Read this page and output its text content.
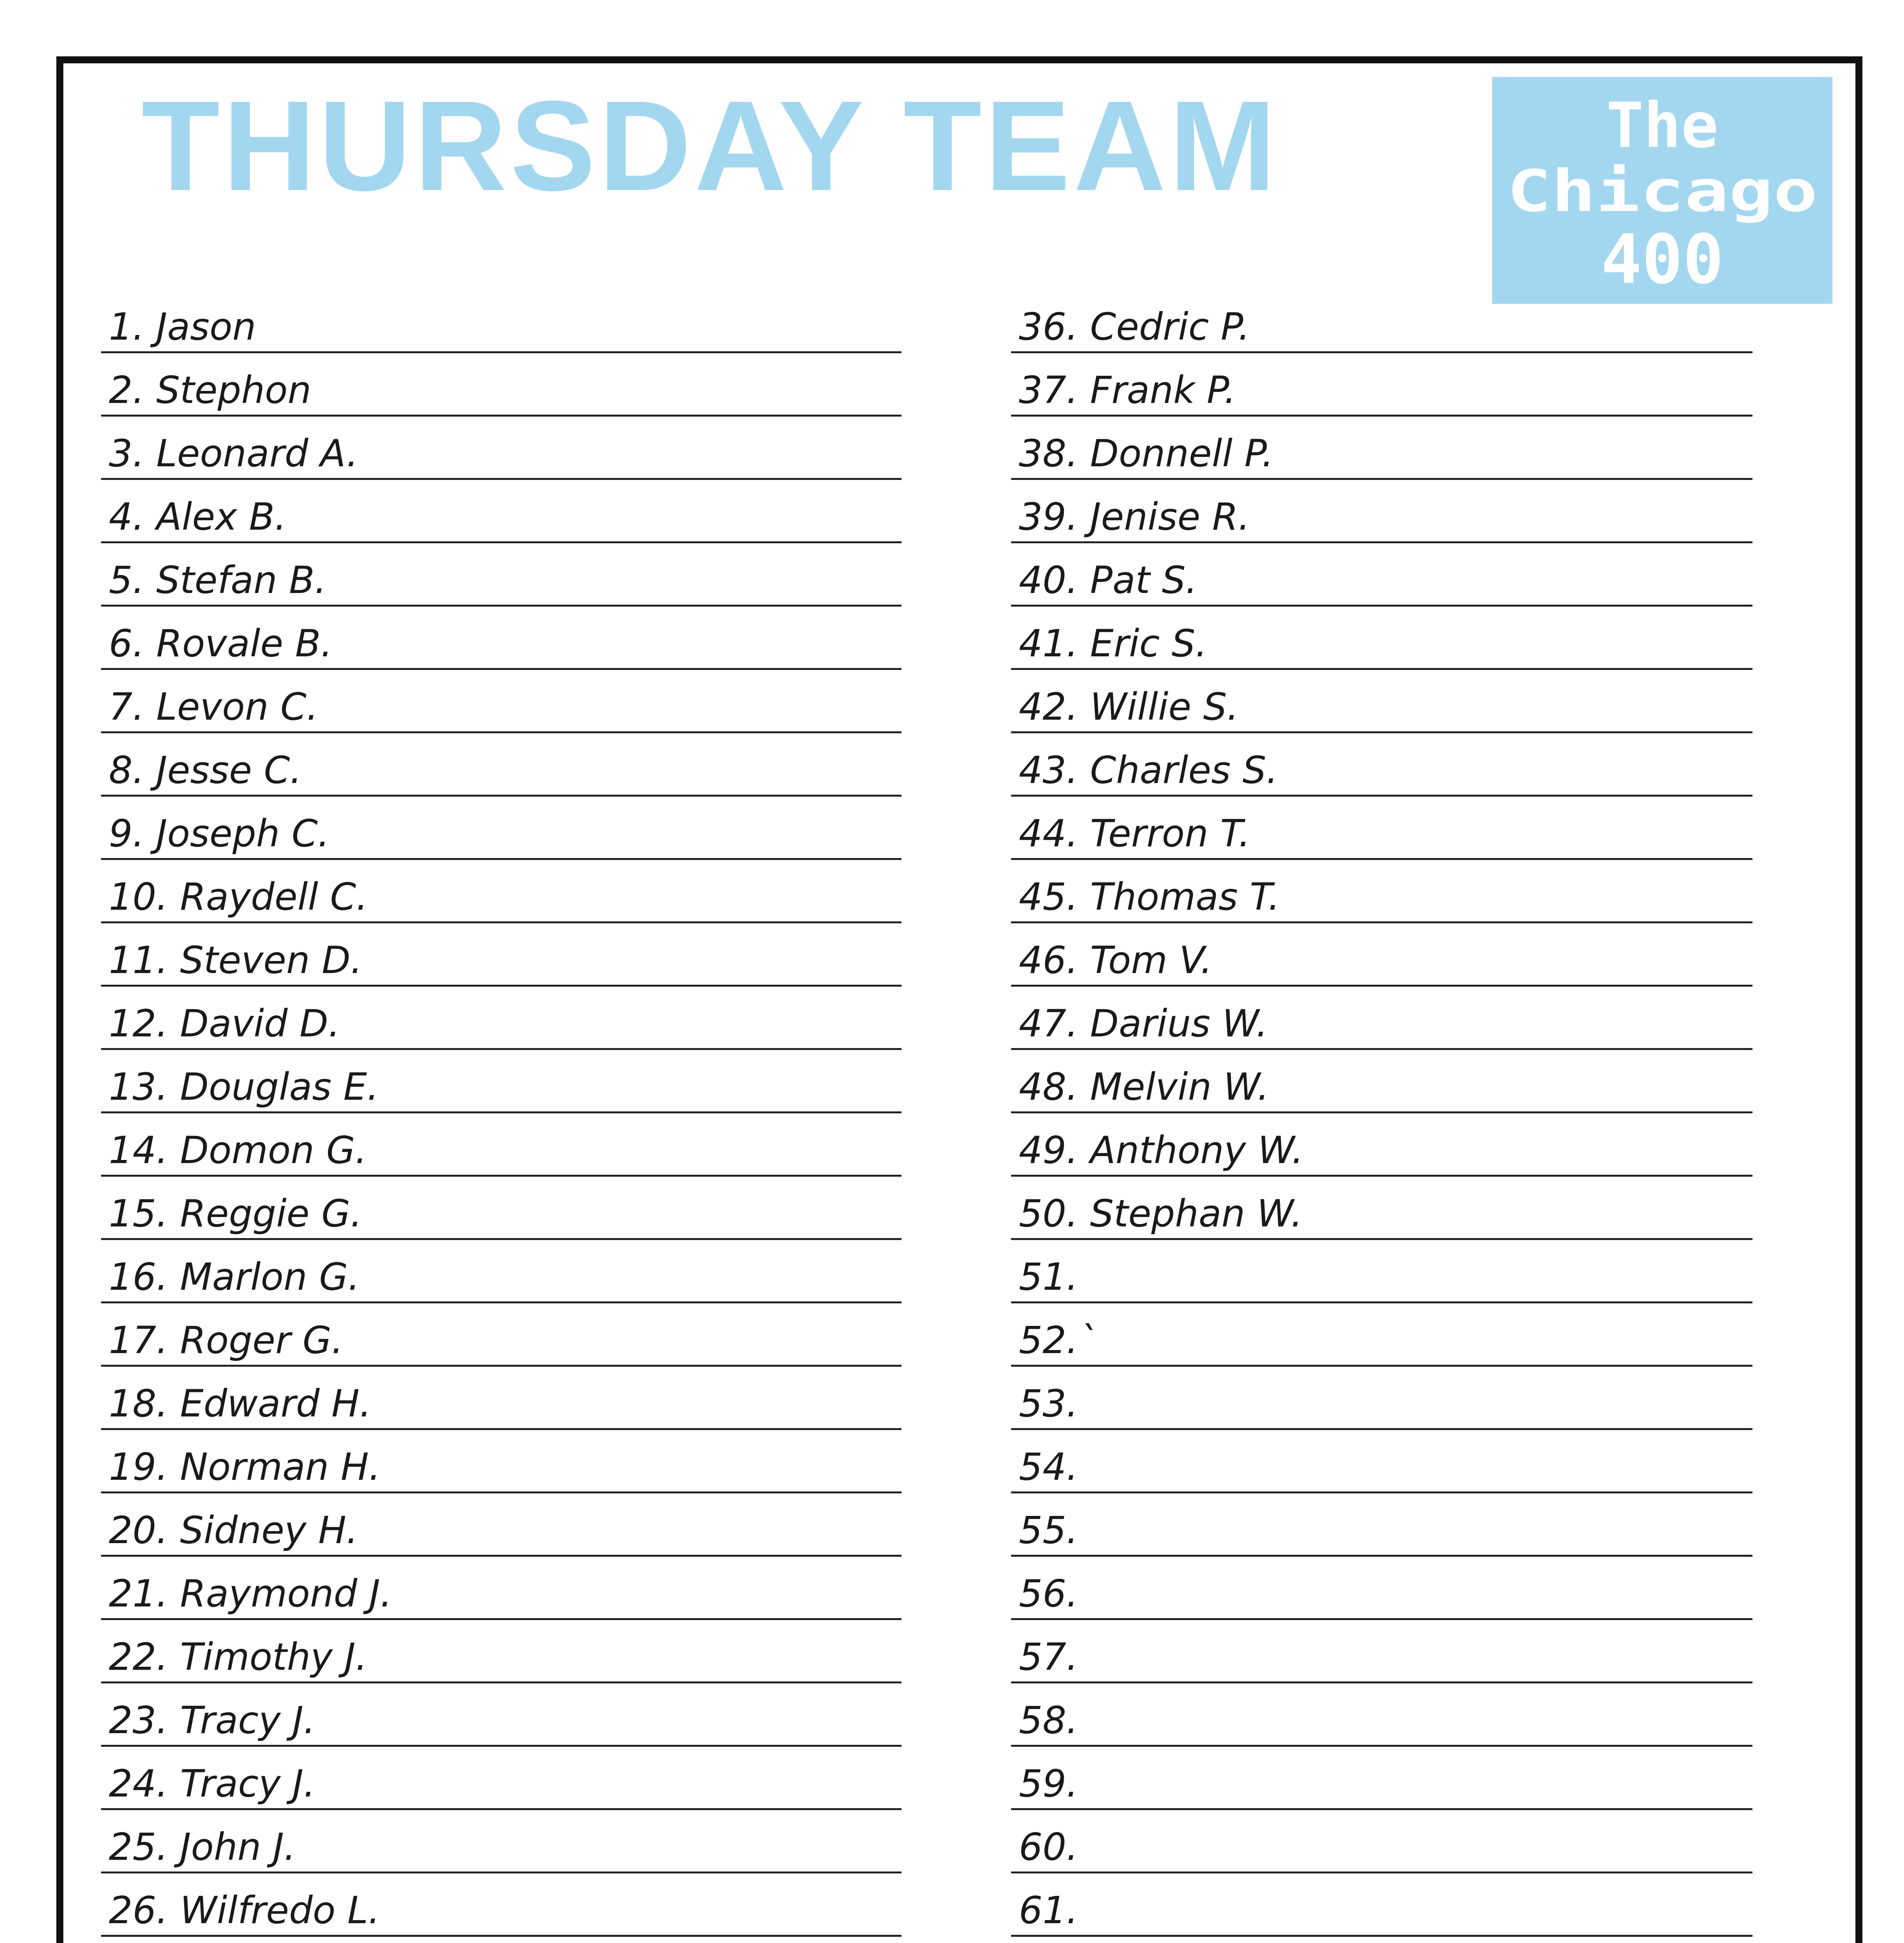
THURSDAY TEAM	The
Chicago
400
1. Jason
2. Stephon
3. Leonard A.
4. Alex B.
5. Stefan B.
6. Rovale B.
7. Levon C.
8. Jesse C.
9. Joseph C.
10. Raydell C.
11. Steven D.
12. David D.
13. Douglas E.
14. Domon G.
15. Reggie G.
16. Marlon G.
17. Roger G.
18. Edward H.
19. Norman H.
20. Sidney H.
21. Raymond J.
22. Timothy J.
23. Tracy J.
24. Tracy J.
25. John J.
26. Wilfredo L.
36. Cedric P.
37. Frank P.
38. Donnell P.
39. Jenise R.
40. Pat S.
41. Eric S.
42. Willie S.
43. Charles S.
44. Terron T.
45. Thomas T.
46. Tom V.
47. Darius W.
48. Melvin W.
49. Anthony W.
50. Stephan W.
51.
52.`
53.
54.
55.
56.
57.
58.
59.
60.
61.
